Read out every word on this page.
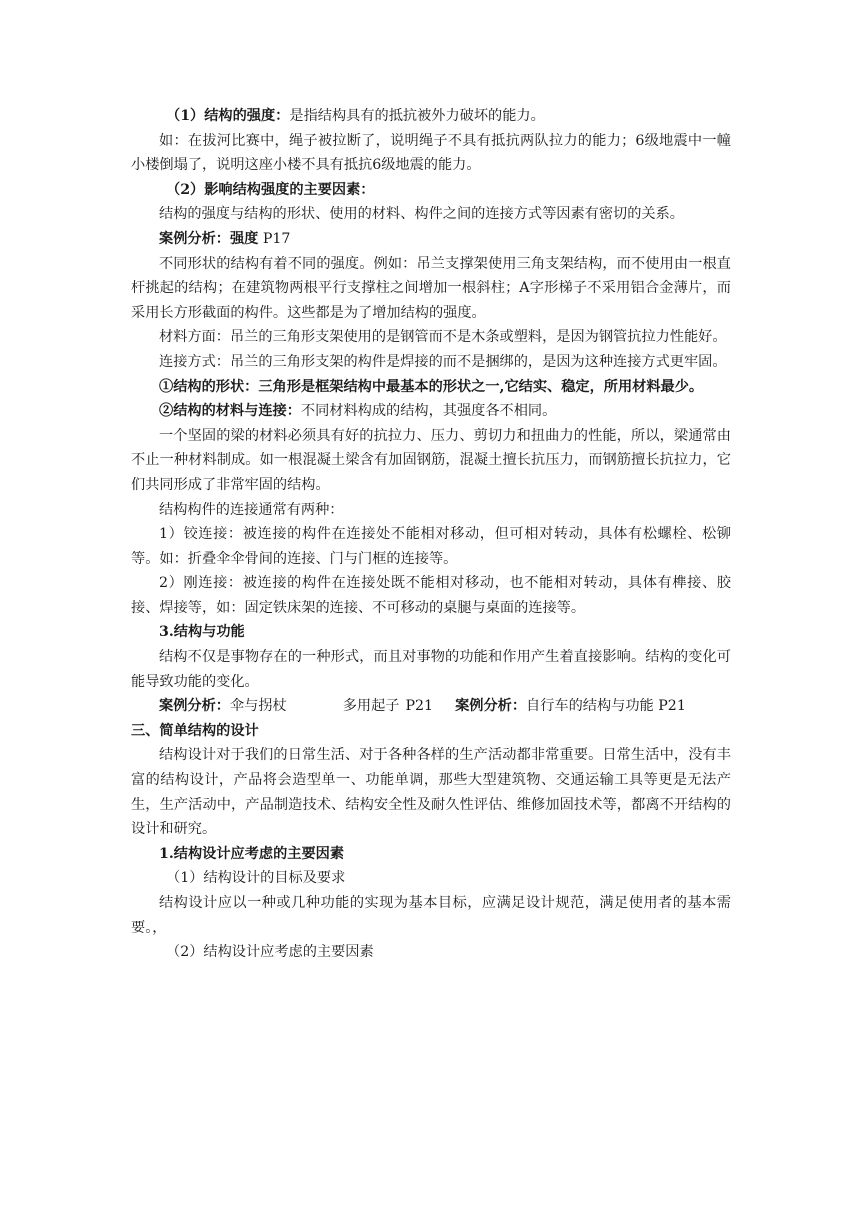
（1）结构的强度：是指结构具有的抵抗被外力破坏的能力。

如：在拔河比赛中，绳子被拉断了，说明绳子不具有抵抗两队拉力的能力；6级地震中一幢小楼倒塌了，说明这座小楼不具有抵抗6级地震的能力。

（2）影响结构强度的主要因素：

结构的强度与结构的形状、使用的材料、构件之间的连接方式等因素有密切的关系。

案例分析：强度 P17

不同形状的结构有着不同的强度。例如：吊兰支撑架使用三角支架结构，而不使用由一根直杆挑起的结构；在建筑物两根平行支撑柱之间增加一根斜柱；A字形梯子不采用铝合金薄片，而采用长方形截面的构件。这些都是为了增加结构的强度。

材料方面：吊兰的三角形支架使用的是钢管而不是木条或塑料，是因为钢管抗拉力性能好。

连接方式：吊兰的三角形支架的构件是焊接的而不是捆绑的，是因为这种连接方式更牢固。

①结构的形状：三角形是框架结构中最基本的形状之一,它结实、稳定，所用材料最少。

②结构的材料与连接：不同材料构成的结构，其强度各不相同。

一个坚固的梁的材料必须具有好的抗拉力、压力、剪切力和扭曲力的性能，所以，梁通常由不止一种材料制成。如一根混凝土梁含有加固钢筋，混凝土擅长抗压力，而钢筋擅长抗拉力，它们共同形成了非常牢固的结构。

结构构件的连接通常有两种：

1）铰连接：被连接的构件在连接处不能相对移动，但可相对转动，具体有松螺栓、松铆等。如：折叠伞伞骨间的连接、门与门框的连接等。

2）刚连接：被连接的构件在连接处既不能相对移动，也不能相对转动，具体有榫接、胶接、焊接等，如：固定铁床架的连接、不可移动的桌腿与桌面的连接等。

3.结构与功能

结构不仅是事物存在的一种形式，而且对事物的功能和作用产生着直接影响。结构的变化可能导致功能的变化。

案例分析：伞与拐杖	多用起子 P21 案例分析：自行车的结构与功能 P21

三、简单结构的设计

结构设计对于我们的日常生活、对于各种各样的生产活动都非常重要。日常生活中，没有丰富的结构设计，产品将会造型单一、功能单调，那些大型建筑物、交通运输工具等更是无法产生，生产活动中，产品制造技术、结构安全性及耐久性评估、维修加固技术等，都离不开结构的设计和研究。

1.结构设计应考虑的主要因素

（1）结构设计的目标及要求

结构设计应以一种或几种功能的实现为基本目标，应满足设计规范，满足使用者的基本需要。，

（2）结构设计应考虑的主要因素
